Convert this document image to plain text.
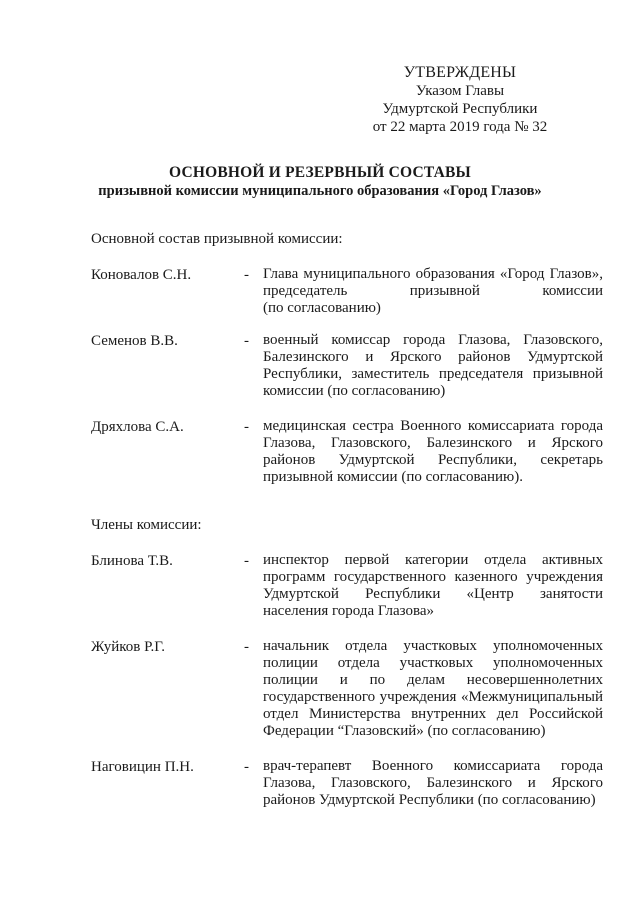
УТВЕРЖДЕНЫ
Указом Главы
Удмуртской Республики
от 22 марта 2019 года № 32
ОСНОВНОЙ И РЕЗЕРВНЫЙ СОСТАВЫ
призывной комиссии муниципального образования «Город Глазов»
Основной состав призывной комиссии:
Коновалов С.Н.	- Глава муниципального образования «Город Глазов»,
председатель призывной комиссии
(по согласованию)
Семенов В.В.	- военный комиссар города Глазова, Глазовского,
Балезинского и Ярского районов Удмуртской
Республики, заместитель председателя призывной
комиссии (по согласованию)
Дряхлова С.А.	- медицинская сестра Военного комиссариата города
Глазова, Глазовского, Балезинского и Ярского
районов Удмуртской Республики, секретарь
призывной комиссии (по согласованию).
Члены комиссии:
Блинова Т.В.	- инспектор первой категории отдела активных
программ государственного казенного учреждения
Удмуртской Республики «Центр занятости
населения города Глазова»
Жуйков Р.Г.	- начальник отдела участковых уполномоченных
полиции отдела участковых уполномоченных
полиции и по делам несовершеннолетних
государственного учреждения «Межмуниципальный
отдел Министерства внутренних дел Российской
Федерации “Глазовский» (по согласованию)
Наговицин П.Н.	- врач-терапевт Военного комиссариата города
Глазова, Глазовского, Балезинского и Ярского
районов Удмуртской Республики (по согласованию)
